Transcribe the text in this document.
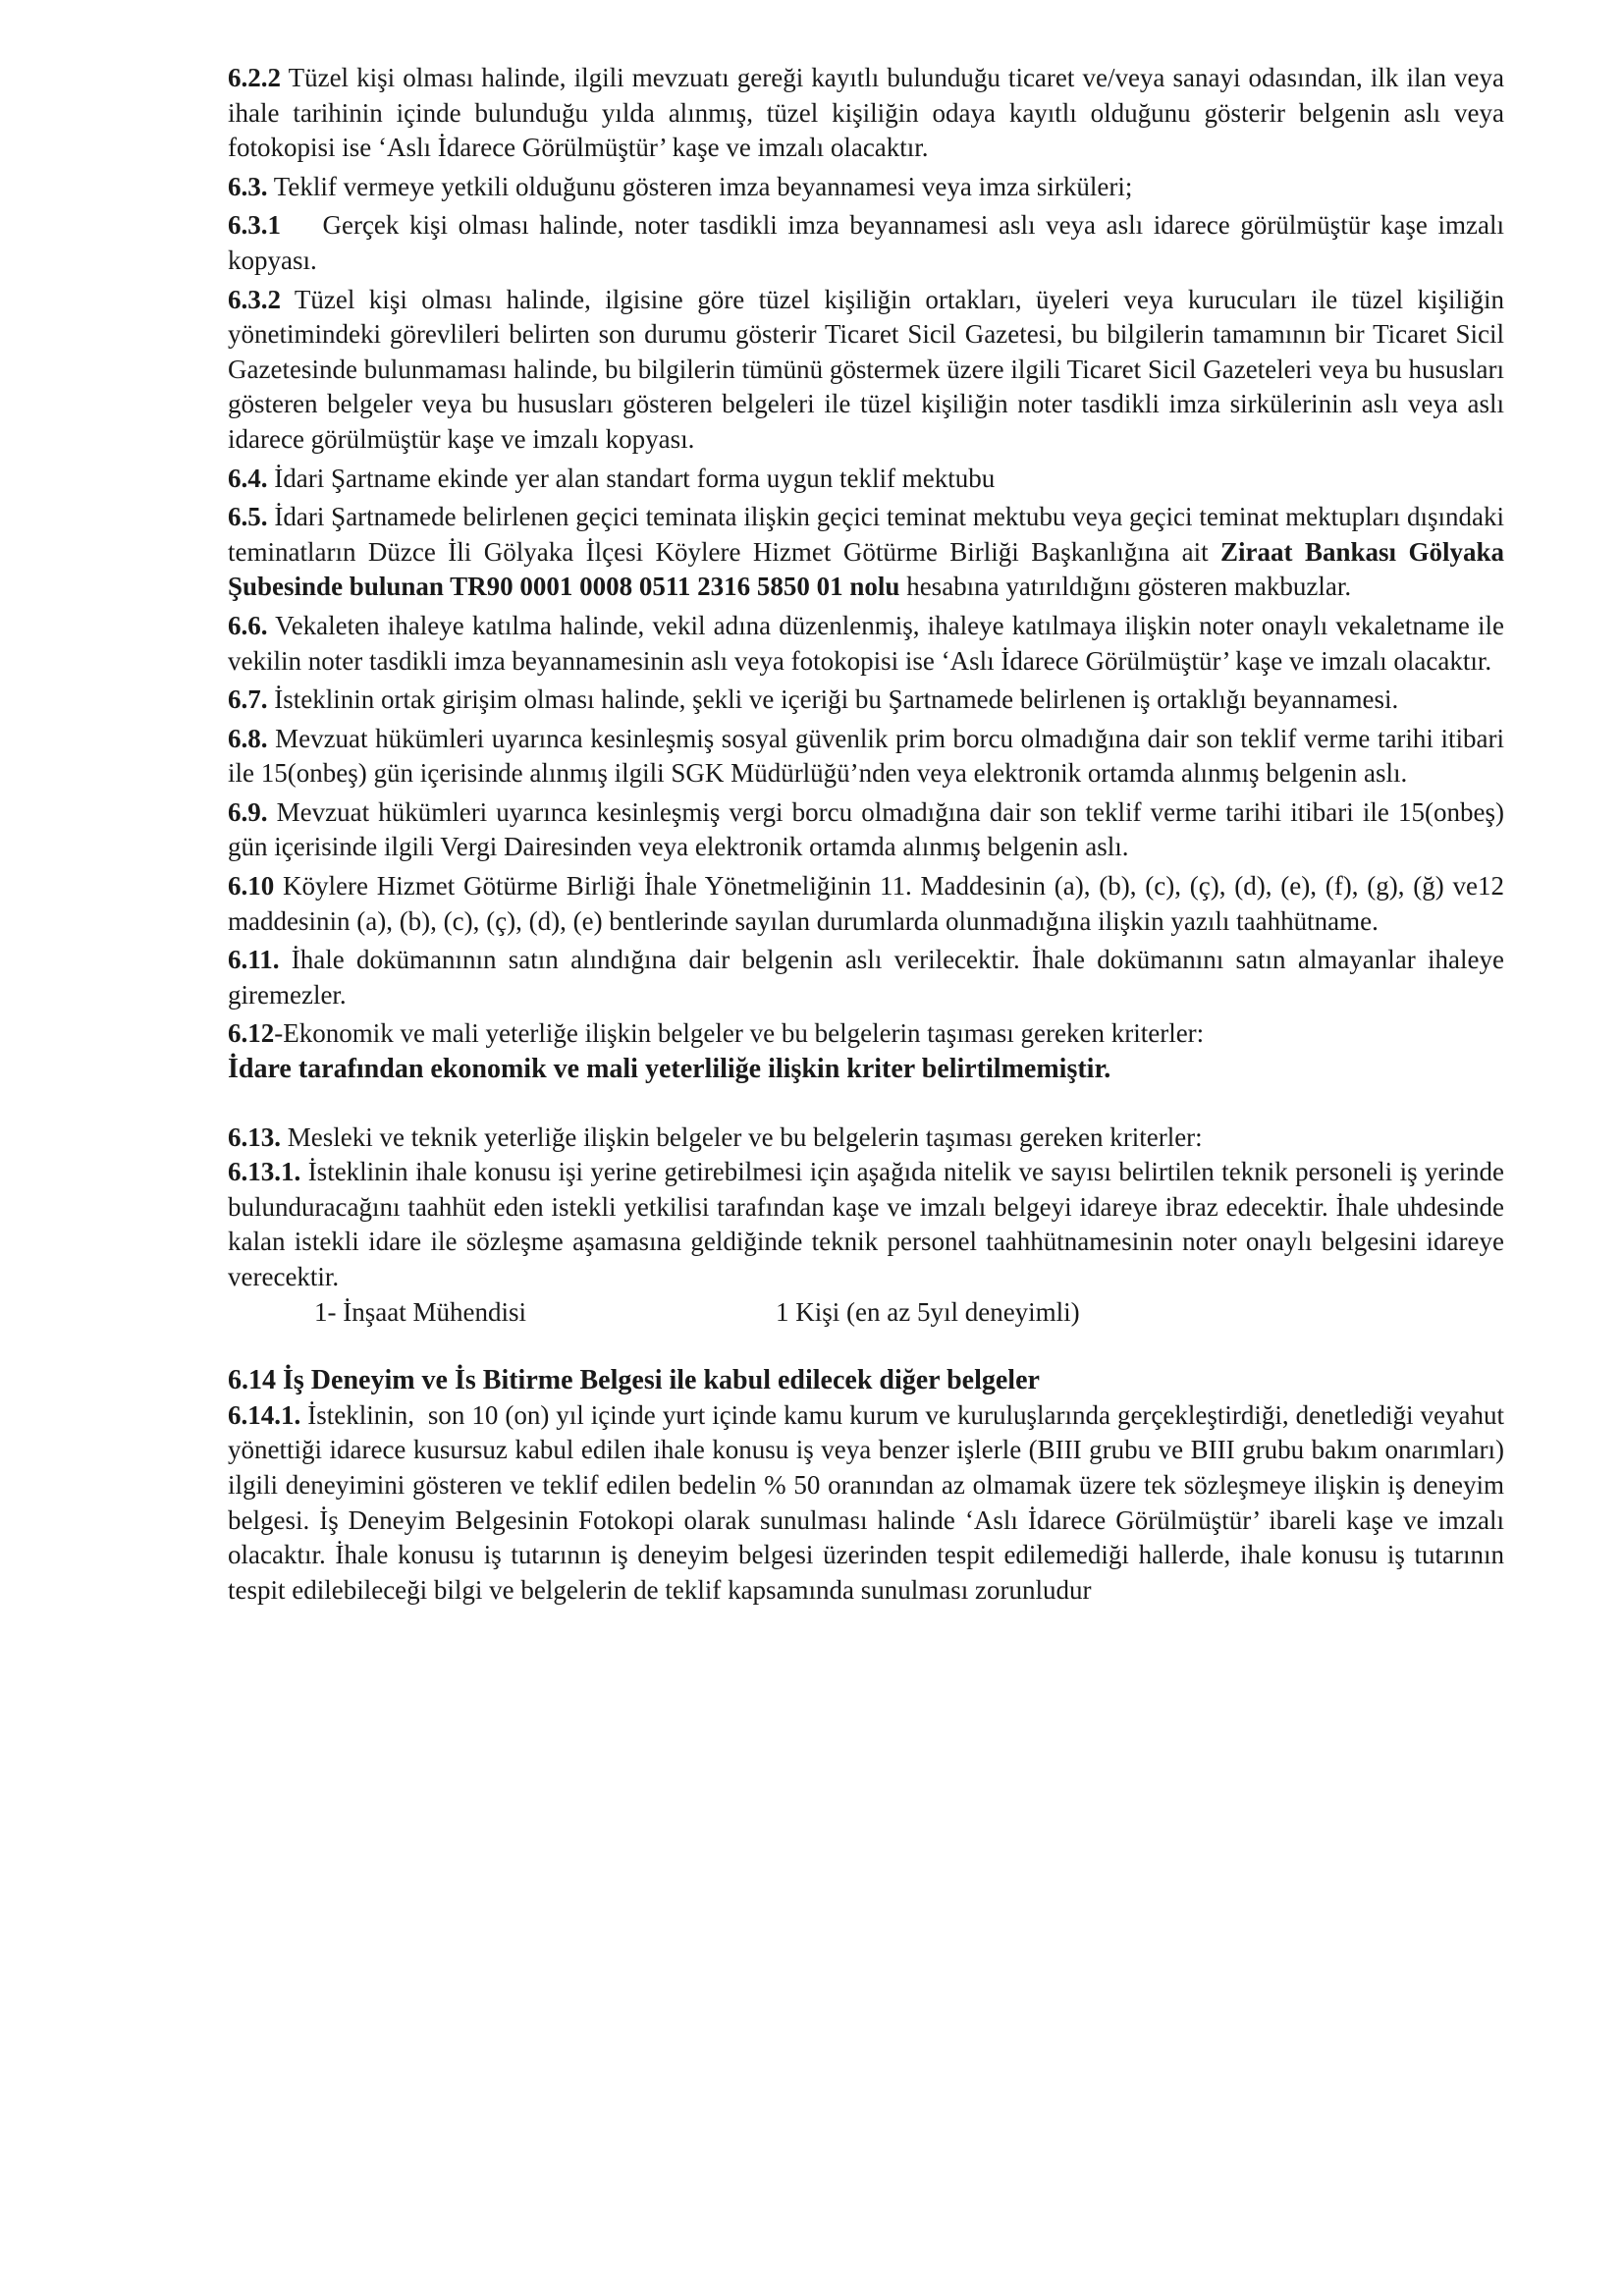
6.2.2 Tüzel kişi olması halinde, ilgili mevzuatı gereği kayıtlı bulunduğu ticaret ve/veya sanayi odasından, ilk ilan veya ihale tarihinin içinde bulunduğu yılda alınmış, tüzel kişiliğin odaya kayıtlı olduğunu gösterir belgenin aslı veya fotokopisi ise ‘Aslı İdarece Görülmüştür’ kaşe ve imzalı olacaktır.

6.3. Teklif vermeye yetkili olduğunu gösteren imza beyannamesi veya imza sirküleri;

6.3.1    Gerçek kişi olması halinde, noter tasdikli imza beyannamesi aslı veya aslı idarece görülmüştür kaşe imzalı kopyası.

6.3.2 Tüzel kişi olması halinde, ilgisine göre tüzel kişiliğin ortakları, üyeleri veya kurucuları ile tüzel kişiliğin yönetimindeki görevlileri belirten son durumu gösterir Ticaret Sicil Gazetesi, bu bilgilerin tamamının bir Ticaret Sicil Gazetesinde bulunmaması halinde, bu bilgilerin tümünü göstermek üzere ilgili Ticaret Sicil Gazeteleri veya bu hususları gösteren belgeler veya bu hususları gösteren belgeleri ile tüzel kişiliğin noter tasdikli imza sirkülerinin aslı veya aslı idarece görülmüştür kaşe ve imzalı kopyası.

6.4. İdari Şartname ekinde yer alan standart forma uygun teklif mektubu

6.5. İdari Şartnamede belirlenen geçici teminata ilişkin geçici teminat mektubu veya geçici teminat mektupları dışındaki teminatların Düzce İli Gölyaka İlçesi Köylere Hizmet Götürme Birliği Başkanlığına ait Ziraat Bankası Gölyaka Şubesinde bulunan TR90 0001 0008 0511 2316 5850 01 nolu hesabına yatırıldığını gösteren makbuzlar.

6.6. Vekaleten ihaleye katılma halinde, vekil adına düzenlenmiş, ihaleye katılmaya ilişkin noter onaylı vekaletname ile vekilin noter tasdikli imza beyannamesinin aslı veya fotokopisi ise ‘Aslı İdarece Görülmüştür’ kaşe ve imzalı olacaktır.

6.7. İsteklinin ortak girişim olması halinde, şekli ve içeriği bu Şartnamede belirlenen iş ortaklığı beyannamesi.

6.8. Mevzuat hükümleri uyarınca kesinleşmiş sosyal güvenlik prim borcu olmadığına dair son teklif verme tarihi itibari ile 15(onbeş) gün içerisinde alınmış ilgili SGK Müdürlüğü’nden veya elektronik ortamda alınmış belgenin aslı.

6.9. Mevzuat hükümleri uyarınca kesinleşmiş vergi borcu olmadığına dair son teklif verme tarihi itibari ile 15(onbeş) gün içerisinde ilgili Vergi Dairesinden veya elektronik ortamda alınmış belgenin aslı.

6.10 Köylere Hizmet Götürme Birliği İhale Yönetmeliğinin 11. Maddesinin (a), (b), (c), (ç), (d), (e), (f), (g), (ğ) ve12 maddesinin (a), (b), (c), (ç), (d), (e) bentlerinde sayılan durumlarda olunmadığına ilişkin yazılı taahhütname.

6.11. İhale dokümanının satın alındığına dair belgenin aslı verilecektir. İhale dokümanını satın almayanlar ihaleye giremezler.

6.12-Ekonomik ve mali yeterliğe ilişkin belgeler ve bu belgelerin taşıması gereken kriterler:

İdare tarafından ekonomik ve mali yeterliliğe ilişkin kriter belirtilmemiştir.

6.13. Mesleki ve teknik yeterliğe ilişkin belgeler ve bu belgelerin taşıması gereken kriterler:

6.13.1. İsteklinin ihale konusu işi yerine getirebilmesi için aşağıda nitelik ve sayısı belirtilen teknik personeli iş yerinde bulunduracağını taahhüt eden istekli yetkilisi tarafından kaşe ve imzalı belgeyi idareye ibraz edecektir. İhale uhdesinde kalan istekli idare ile sözleşme aşamasına geldiğinde teknik personel taahhütnamesinin noter onaylı belgesini idareye verecektir.

1- İnşaat Mühendisi	1 Kişi (en az 5yıl deneyimli)

6.14 İş Deneyim ve İs Bitirme Belgesi ile kabul edilecek diğer belgeler

6.14.1. İsteklinin,  son 10 (on) yıl içinde yurt içinde kamu kurum ve kuruluşlarında gerçekleştirdiği, denetlediği veyahut yönettiği idarece kusursuz kabul edilen ihale konusu iş veya benzer işlerle (BIII grubu ve BIII grubu bakım onarımları) ilgili deneyimini gösteren ve teklif edilen bedelin % 50 oranından az olmamak üzere tek sözleşmeye ilişkin iş deneyim belgesi. İş Deneyim Belgesinin Fotokopi olarak sunulması halinde ‘Aslı İdarece Görülmüştür’ ibareli kaşe ve imzalı olacaktır. İhale konusu iş tutarının iş deneyim belgesi üzerinden tespit edilemediği hallerde, ihale konusu iş tutarının tespit edilebileceği bilgi ve belgelerin de teklif kapsamında sunulması zorunludur
